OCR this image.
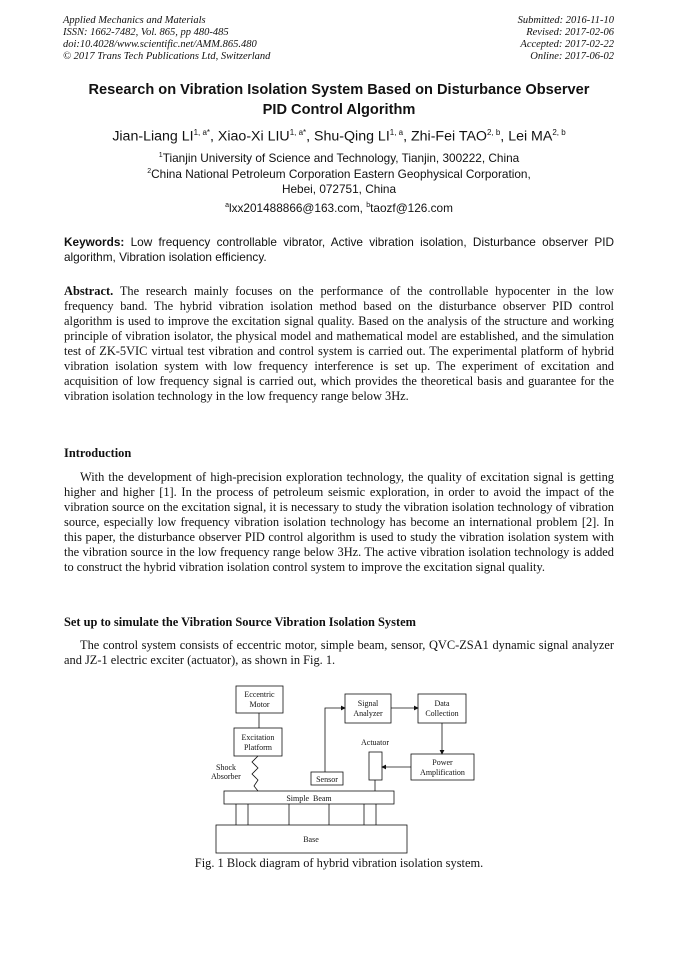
Applied Mechanics and Materials
ISSN: 1662-7482, Vol. 865, pp 480-485
doi:10.4028/www.scientific.net/AMM.865.480
© 2017 Trans Tech Publications Ltd, Switzerland
Submitted: 2016-11-10
Revised: 2017-02-06
Accepted: 2017-02-22
Online: 2017-06-02
Research on Vibration Isolation System Based on Disturbance Observer
PID Control Algorithm
Jian-Liang $LI^{1, a*}$, Xiao-Xi $LIU^{1, a*}$, Shu-Qing LI$^{1, a}$, Zhi-Fei TAO$^{2, b}$, Lei MA$^{2, b}$
$^1$Tianjin University of Science and Technology, Tianjin, 300222, China
$^2$China National Petroleum Corporation Eastern Geophysical Corporation,
Hebei, 072751, China
$^a$lxx201488866@163.com, $^b$taozf@126.com
Keywords: Low frequency controllable vibrator, Active vibration isolation, Disturbance observer PID algorithm, Vibration isolation efficiency.
Abstract. The research mainly focuses on the performance of the controllable hypocenter in the low frequency band. The hybrid vibration isolation method based on the disturbance observer PID control algorithm is used to improve the excitation signal quality. Based on the analysis of the structure and working principle of vibration isolator, the physical model and mathematical model are established, and the simulation test of ZK-5VIC virtual test vibration and control system is carried out. The experimental platform of hybrid vibration isolation system with low frequency interference is set up. The experiment of excitation and acquisition of low frequency signal is carried out, which provides the theoretical basis and guarantee for the vibration isolation technology in the low frequency range below 3Hz.
Introduction
With the development of high-precision exploration technology, the quality of excitation signal is getting higher and higher [1]. In the process of petroleum seismic exploration, in order to avoid the impact of the vibration source on the excitation signal, it is necessary to study the vibration isolation technology of vibration source, especially low frequency vibration isolation technology has become an international problem [2]. In this paper, the disturbance observer PID control algorithm is used to study the vibration isolation system with the vibration source in the low frequency range below 3Hz. The active vibration isolation technology is added to construct the hybrid vibration isolation control system to improve the excitation signal quality.
Set up to simulate the Vibration Source Vibration Isolation System
The control system consists of eccentric motor, simple beam, sensor, QVC-ZSA1 dynamic signal analyzer and JZ-1 electric exciter (actuator), as shown in Fig. 1.
Eccentric
Motor
Excitation
Platform
Shock
Absorber	Sensor
Signal
Analyzer
Data
Collection
Actuator
Power
Amplification
Simple  Beam
Base
Fig. 1 Block diagram of hybrid vibration isolation system.
